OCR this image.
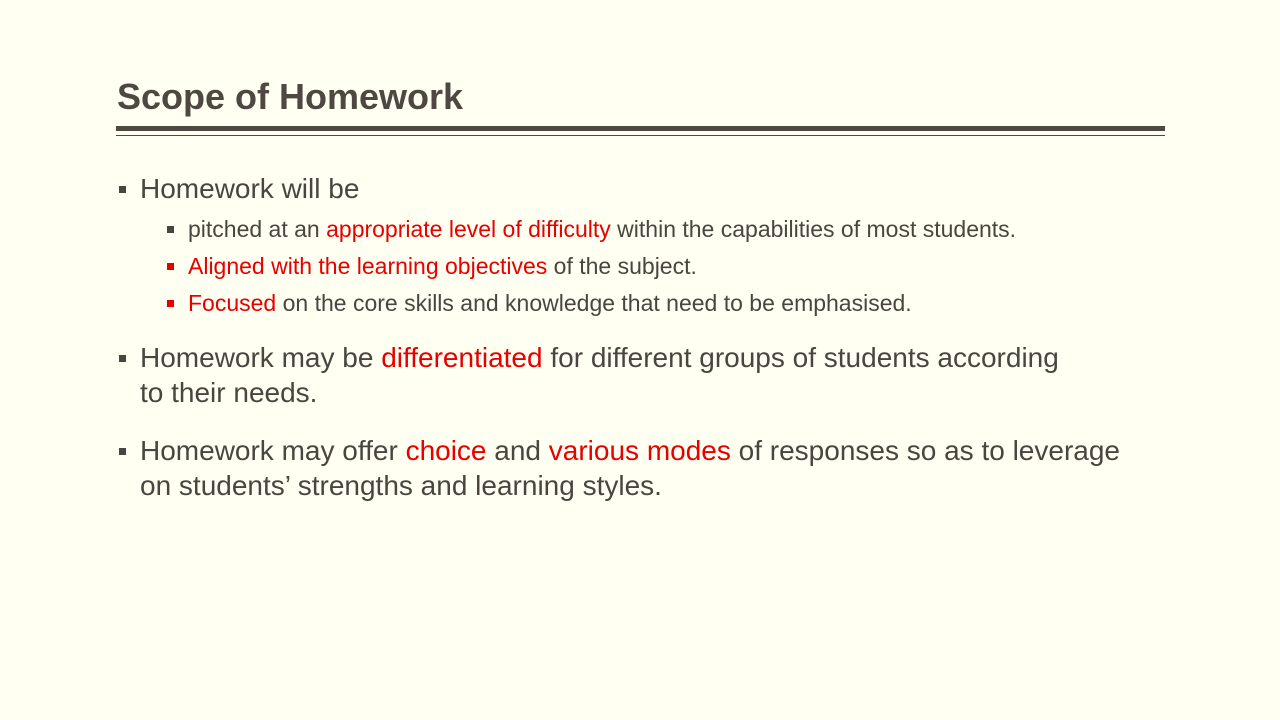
Scope of Homework
Homework will be
pitched at an appropriate level of difficulty within the capabilities of most students.
Aligned with the learning objectives of the subject.
Focused on the core skills and knowledge that need to be emphasised.
Homework may be differentiated for different groups of students according to their needs.
Homework may offer choice and various modes of responses so as to leverage on students’ strengths and learning styles.
